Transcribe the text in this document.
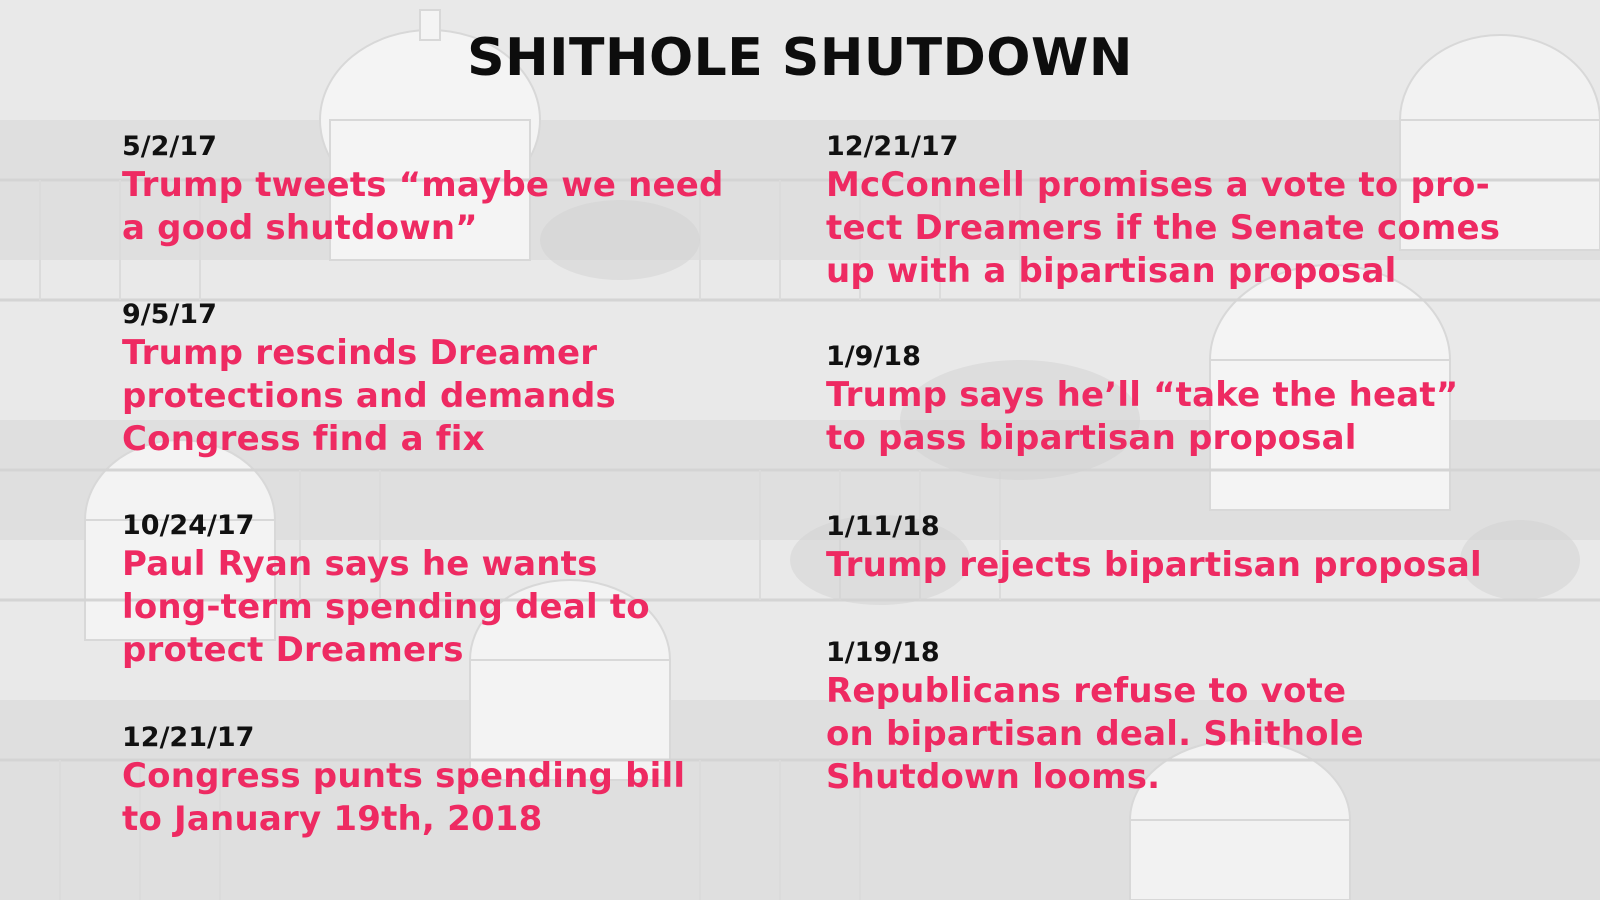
SHITHOLE SHUTDOWN

5/2/17

Trump tweets “maybe we need
a good shutdown”

9/5/17

Trump rescinds Dreamer
protections and demands
Congress find a fix

10/24/17

Paul Ryan says he wants
long-term spending deal to
protect Dreamers

12/21/17

Congress punts spending bill
to January 19th, 2018

12/21/17

McConnell promises a vote to pro-
tect Dreamers if the Senate comes
up with a bipartisan proposal

1/9/18

Trump says he’ll “take the heat”
to pass bipartisan proposal

1/11/18

Trump rejects bipartisan proposal

1/19/18

Republicans refuse to vote
on bipartisan deal. Shithole
Shutdown looms.
